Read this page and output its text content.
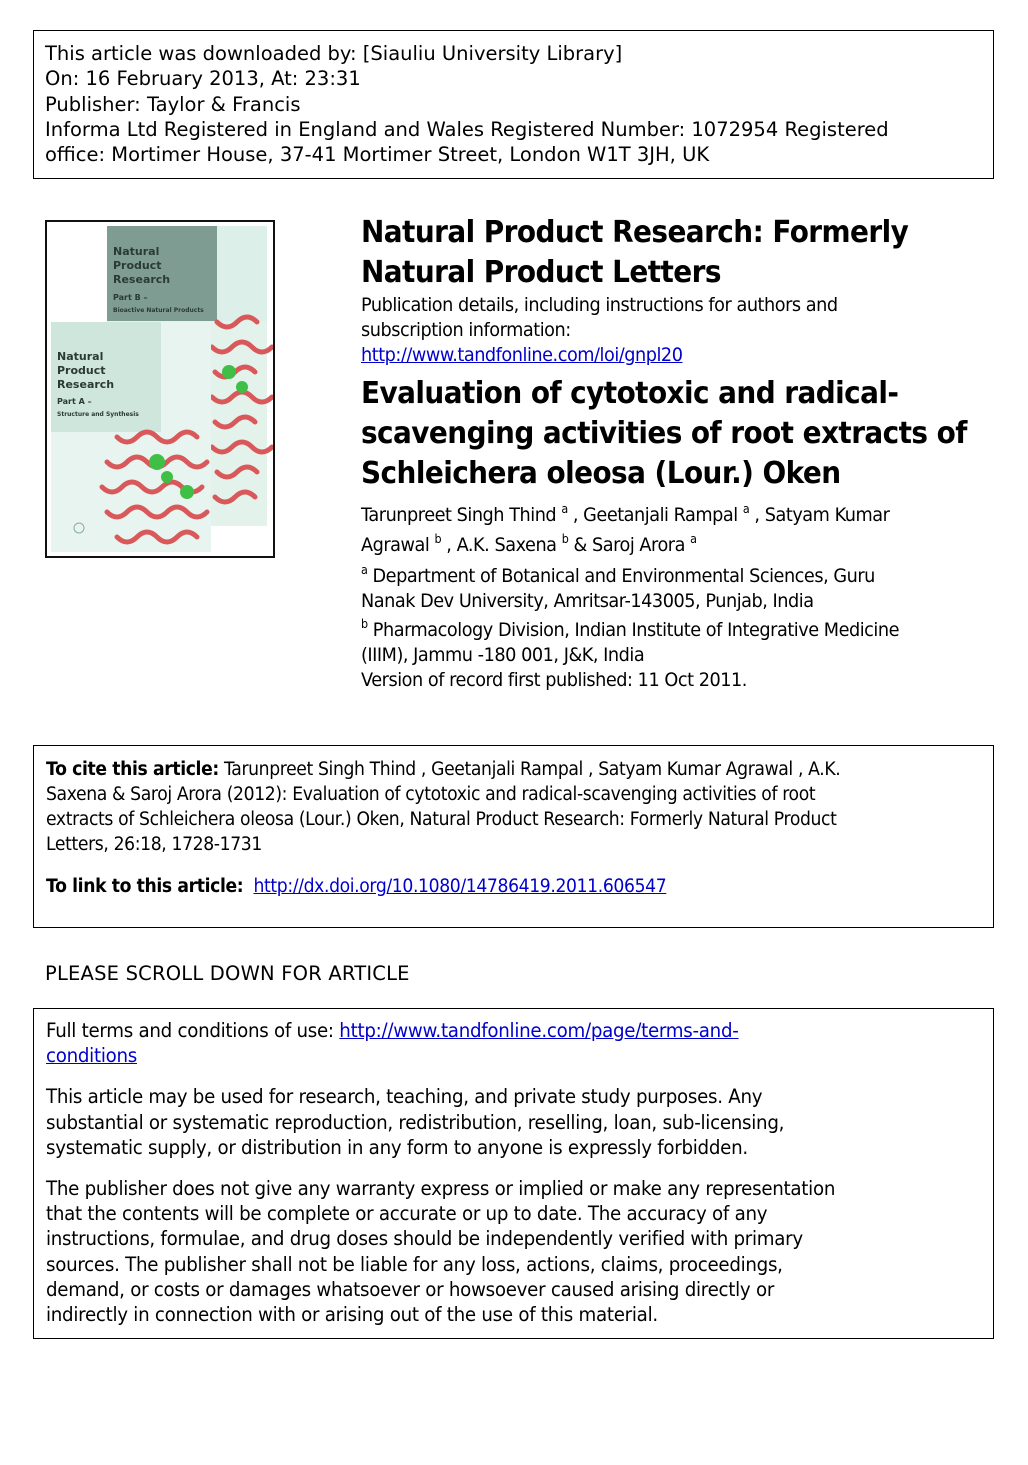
This article was downloaded by: [Siauliu University Library]
On: 16 February 2013, At: 23:31
Publisher: Taylor & Francis
Informa Ltd Registered in England and Wales Registered Number: 1072954 Registered
office: Mortimer House, 37-41 Mortimer Street, London W1T 3JH, UK
Natural
Product
Research
Part B –
Bioactive Natural Products
Natural
Product
Research
Part A –
Structure and Synthesis
Natural Product Research: Formerly
Natural Product Letters
Publication details, including instructions for authors and
subscription information:
http://www.tandfonline.com/loi/gnpl20
Evaluation of cytotoxic and radical-
scavenging activities of root extracts of
Schleichera oleosa (Lour.) Oken
Tarunpreet Singh Thind $^a$ , Geetanjali Rampal $^a$ , Satyam Kumar
Agrawal $^b$ , A.K. Saxena $^b$ & Saroj Arora $^a$
$^a$ Department of Botanical and Environmental Sciences, Guru
Nanak Dev University, Amritsar-143005, Punjab, India
$^b$ Pharmacology Division, Indian Institute of Integrative Medicine
(IIIM), Jammu -180 001, J&K, India
Version of record first published: 11 Oct 2011.
To cite this article: Tarunpreet Singh Thind , Geetanjali Rampal , Satyam Kumar Agrawal , A.K.
Saxena & Saroj Arora (2012): Evaluation of cytotoxic and radical-scavenging activities of root
extracts of Schleichera oleosa (Lour.) Oken, Natural Product Research: Formerly Natural Product
Letters, 26:18, 1728-1731
To link to this article: http://dx.doi.org/10.1080/14786419.2011.606547
PLEASE SCROLL DOWN FOR ARTICLE
Full terms and conditions of use: http://www.tandfonline.com/page/terms-and-
conditions
This article may be used for research, teaching, and private study purposes. Any
substantial or systematic reproduction, redistribution, reselling, loan, sub-licensing,
systematic supply, or distribution in any form to anyone is expressly forbidden.
The publisher does not give any warranty express or implied or make any representation
that the contents will be complete or accurate or up to date. The accuracy of any
instructions, formulae, and drug doses should be independently verified with primary
sources. The publisher shall not be liable for any loss, actions, claims, proceedings,
demand, or costs or damages whatsoever or howsoever caused arising directly or
indirectly in connection with or arising out of the use of this material.
